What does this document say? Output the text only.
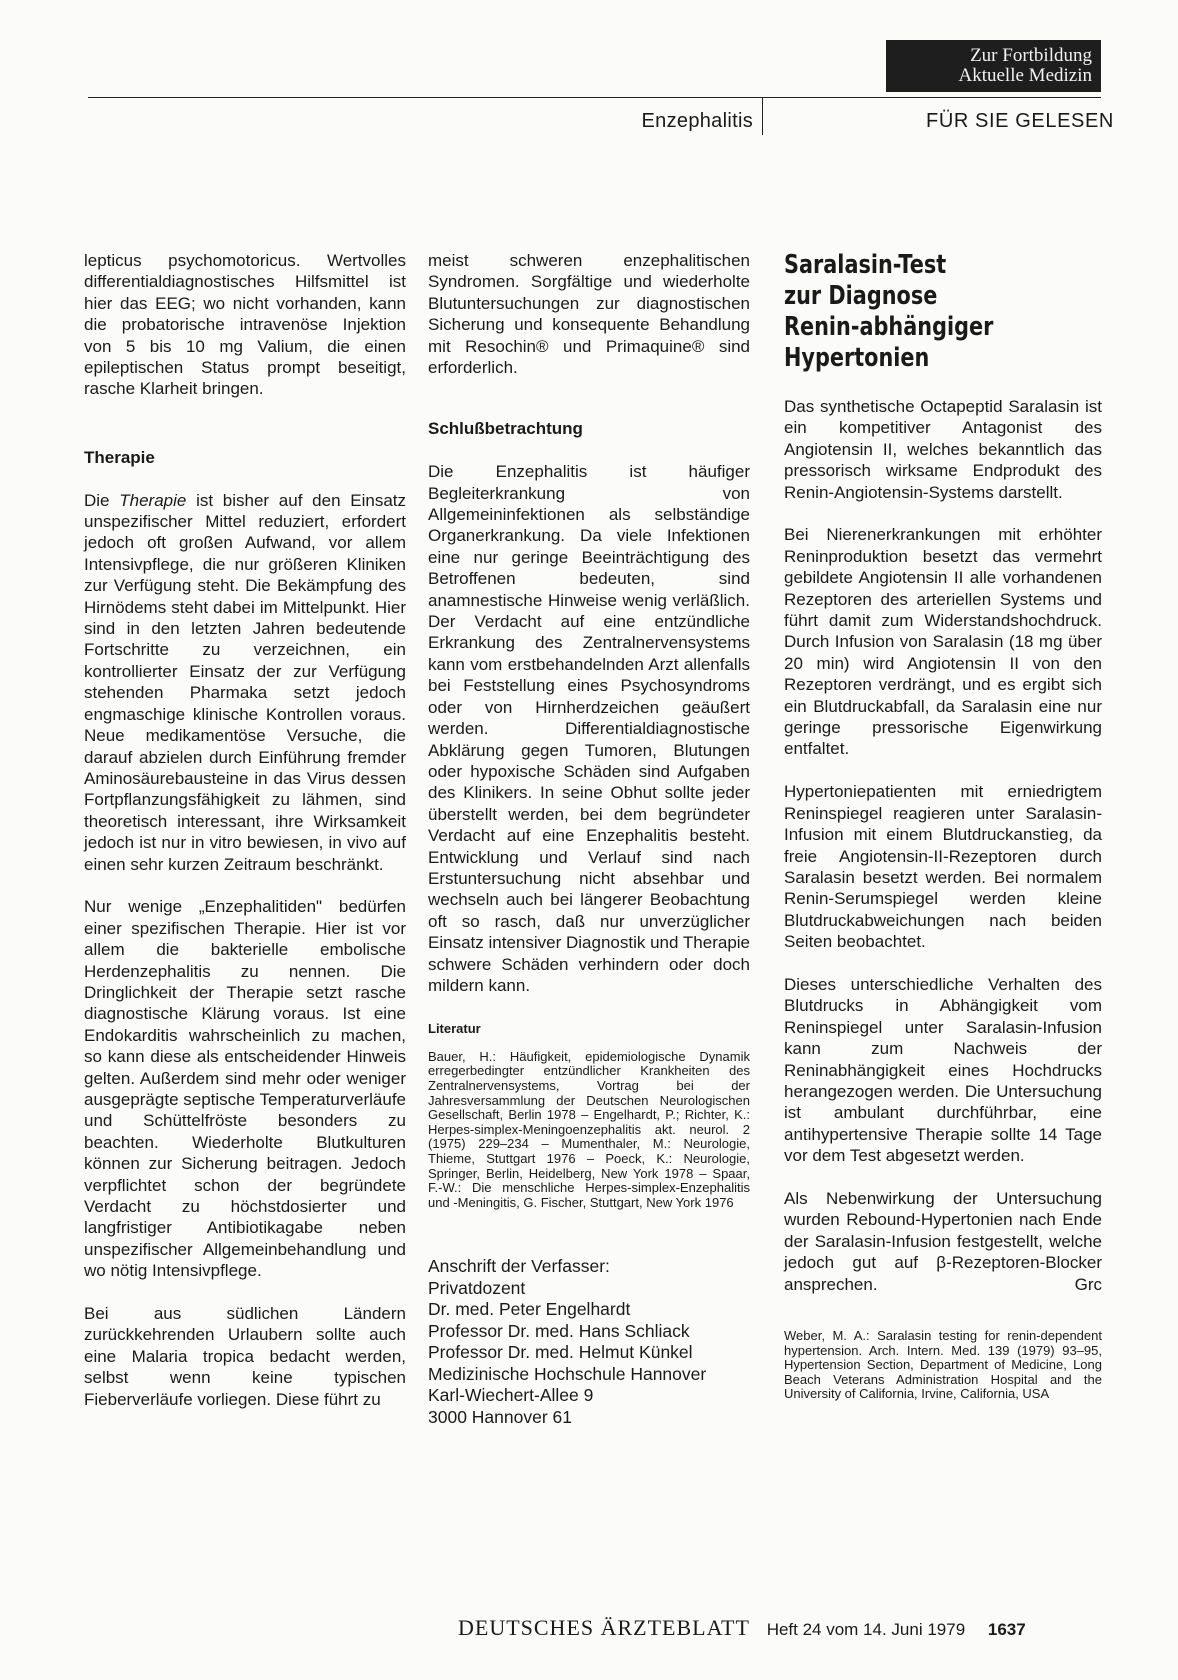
Zur Fortbildung
Aktuelle Medizin
Enzephalitis	FÜR SIE GELESEN

lepticus psychomotoricus. Wertvolles differentialdiagnostisches Hilfsmittel ist hier das EEG; wo nicht vorhanden, kann die probatorische intravenöse Injektion von 5 bis 10 mg Valium, die einen epileptischen Status prompt beseitigt, rasche Klarheit bringen.

Therapie

Die Therapie ist bisher auf den Einsatz unspezifischer Mittel reduziert, erfordert jedoch oft großen Aufwand, vor allem Intensivpflege, die nur größeren Kliniken zur Verfügung steht. Die Bekämpfung des Hirnödems steht dabei im Mittelpunkt. Hier sind in den letzten Jahren bedeutende Fortschritte zu verzeichnen, ein kontrollierter Einsatz der zur Verfügung stehenden Pharmaka setzt jedoch engmaschige klinische Kontrollen voraus. Neue medikamentöse Versuche, die darauf abzielen durch Einführung fremder Aminosäurebausteine in das Virus dessen Fortpflanzungsfähigkeit zu lähmen, sind theoretisch interessant, ihre Wirksamkeit jedoch ist nur in vitro bewiesen, in vivo auf einen sehr kurzen Zeitraum beschränkt.

Nur wenige „Enzephalitiden" bedürfen einer spezifischen Therapie. Hier ist vor allem die bakterielle embolische Herdenzephalitis zu nennen. Die Dringlichkeit der Therapie setzt rasche diagnostische Klärung voraus. Ist eine Endokarditis wahrscheinlich zu machen, so kann diese als entscheidender Hinweis gelten. Außerdem sind mehr oder weniger ausgeprägte septische Temperaturverläufe und Schüttelfröste besonders zu beachten. Wiederholte Blutkulturen können zur Sicherung beitragen. Jedoch verpflichtet schon der begründete Verdacht zu höchstdosierter und langfristiger Antibiotikagabe neben unspezifischer Allgemeinbehandlung und wo nötig Intensivpflege.

Bei aus südlichen Ländern zurückkehrenden Urlaubern sollte auch eine Malaria tropica bedacht werden, selbst wenn keine typischen Fieberverläufe vorliegen. Diese führt zu

meist schweren enzephalitischen Syndromen. Sorgfältige und wiederholte Blutuntersuchungen zur diagnostischen Sicherung und konsequente Behandlung mit Resochin® und Primaquine® sind erforderlich.

Schlußbetrachtung

Die Enzephalitis ist häufiger Begleiterkrankung von Allgemeininfektionen als selbständige Organerkrankung. Da viele Infektionen eine nur geringe Beeinträchtigung des Betroffenen bedeuten, sind anamnestische Hinweise wenig verläßlich. Der Verdacht auf eine entzündliche Erkrankung des Zentralnervensystems kann vom erstbehandelnden Arzt allenfalls bei Feststellung eines Psychosyndroms oder von Hirnherdzeichen geäußert werden. Differentialdiagnostische Abklärung gegen Tumoren, Blutungen oder hypoxische Schäden sind Aufgaben des Klinikers. In seine Obhut sollte jeder überstellt werden, bei dem begründeter Verdacht auf eine Enzephalitis besteht. Entwicklung und Verlauf sind nach Erstuntersuchung nicht absehbar und wechseln auch bei längerer Beobachtung oft so rasch, daß nur unverzüglicher Einsatz intensiver Diagnostik und Therapie schwere Schäden verhindern oder doch mildern kann.

Literatur

Bauer, H.: Häufigkeit, epidemiologische Dynamik erregerbedingter entzündlicher Krankheiten des Zentralnervensystems, Vortrag bei der Jahresversammlung der Deutschen Neurologischen Gesellschaft, Berlin 1978 – Engelhardt, P.; Richter, K.: Herpes-simplex-Meningoenzephalitis akt. neurol. 2 (1975) 229–234 – Mumenthaler, M.: Neurologie, Thieme, Stuttgart 1976 – Poeck, K.: Neurologie, Springer, Berlin, Heidelberg, New York 1978 – Spaar, F.-W.: Die menschliche Herpes-simplex-Enzephalitis und -Meningitis, G. Fischer, Stuttgart, New York 1976

Anschrift der Verfasser:
Privatdozent
Dr. med. Peter Engelhardt
Professor Dr. med. Hans Schliack
Professor Dr. med. Helmut Künkel
Medizinische Hochschule Hannover
Karl-Wiechert-Allee 9
3000 Hannover 61
Saralasin-Test
zur Diagnose
Renin-abhängiger
Hypertonien

Das synthetische Octapeptid Saralasin ist ein kompetitiver Antagonist des Angiotensin II, welches bekanntlich das pressorisch wirksame Endprodukt des Renin-Angiotensin-Systems darstellt.

Bei Nierenerkrankungen mit erhöhter Reninproduktion besetzt das vermehrt gebildete Angiotensin II alle vorhandenen Rezeptoren des arteriellen Systems und führt damit zum Widerstandshochdruck. Durch Infusion von Saralasin (18 mg über 20 min) wird Angiotensin II von den Rezeptoren verdrängt, und es ergibt sich ein Blutdruckabfall, da Saralasin eine nur geringe pressorische Eigenwirkung entfaltet.

Hypertoniepatienten mit erniedrigtem Reninspiegel reagieren unter Saralasin-Infusion mit einem Blutdruckanstieg, da freie Angiotensin-II-Rezeptoren durch Saralasin besetzt werden. Bei normalem Renin-Serumspiegel werden kleine Blutdruckabweichungen nach beiden Seiten beobachtet.

Dieses unterschiedliche Verhalten des Blutdrucks in Abhängigkeit vom Reninspiegel unter Saralasin-Infusion kann zum Nachweis der Reninabhängigkeit eines Hochdrucks herangezogen werden. Die Untersuchung ist ambulant durchführbar, eine antihypertensive Therapie sollte 14 Tage vor dem Test abgesetzt werden.

Als Nebenwirkung der Untersuchung wurden Rebound-Hypertonien nach Ende der Saralasin-Infusion festgestellt, welche jedoch gut auf β-Rezeptoren-Blocker ansprechen.	Grc

Weber, M. A.: Saralasin testing for renin-dependent hypertension. Arch. Intern. Med. 139 (1979) 93–95, Hypertension Section, Department of Medicine, Long Beach Veterans Administration Hospital and the University of California, Irvine, California, USA

DEUTSCHES ÄRZTEBLATT Heft 24 vom 14. Juni 1979 1637
